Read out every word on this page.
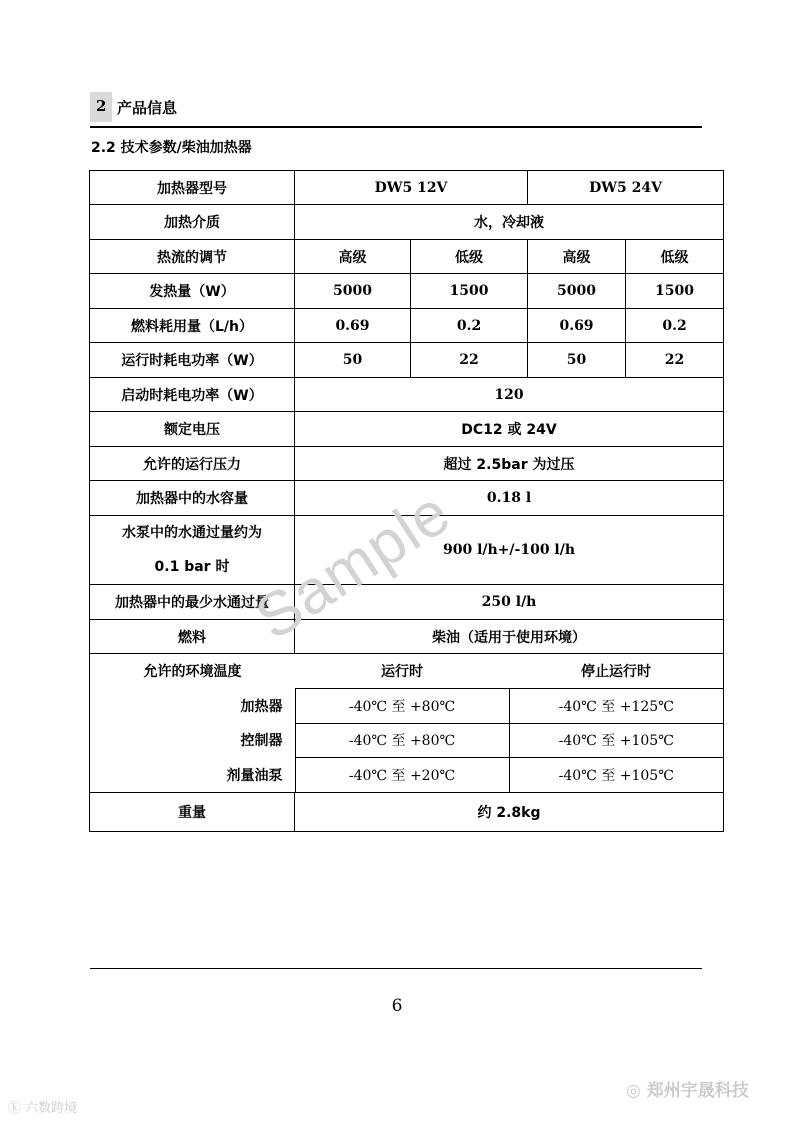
2 产品信息
2.2 技术参数/柴油加热器
加热器型号	DW5 12V	DW5 24V
加热介质	水，冷却液
热流的调节	高级	低级	高级	低级
发热量（W）	5000	1500	5000	1500
燃料耗用量（L/h）	0.69	0.2	0.69	0.2
运行时耗电功率（W）	50	22	50	22
启动时耗电功率（W）	120
额定电压	DC12 或 24V
允许的运行压力	超过 2.5bar 为过压
加热器中的水容量	0.18 l

水泵中的水通过量约为
0.1 bar 时
	900 l/h+/-100 l/h
加热器中的最少水通过量	250 l/h
燃料	柴油（适用于使用环境）

允许的环境温度	运行时	停止运行时
加热器	-40℃ 至 +80℃	-40℃ 至 +125℃
控制器	-40℃ 至 +80℃	-40℃ 至 +105℃
剂量油泵	-40℃ 至 +20℃	-40℃ 至 +105℃

重量	约 2.8kg
Sample
6
◎ 郑州宇晟科技
ⓚ 六数跨境
